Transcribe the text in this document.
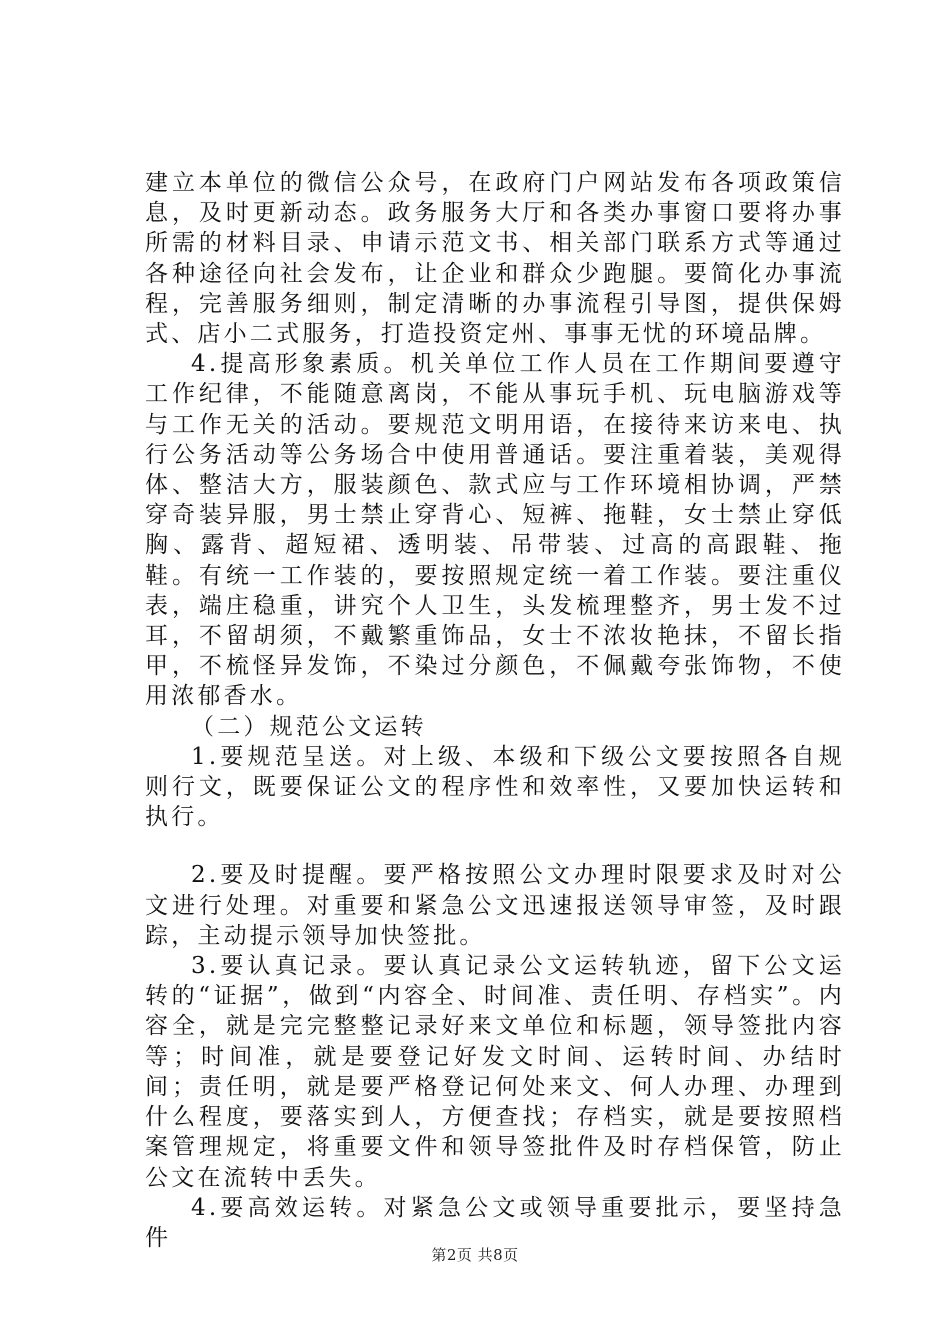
建立本单位的微信公众号，在政府门户网站发布各项政策信息，及时更新动态。政务服务大厅和各类办事窗口要将办事所需的材料目录、申请示范文书、相关部门联系方式等通过各种途径向社会发布，让企业和群众少跑腿。要简化办事流程，完善服务细则，制定清晰的办事流程引导图，提供保姆式、店小二式服务，打造投资定州、事事无忧的环境品牌。

4.提高形象素质。机关单位工作人员在工作期间要遵守工作纪律，不能随意离岗，不能从事玩手机、玩电脑游戏等与工作无关的活动。要规范文明用语，在接待来访来电、执行公务活动等公务场合中使用普通话。要注重着装，美观得体、整洁大方，服装颜色、款式应与工作环境相协调，严禁穿奇装异服，男士禁止穿背心、短裤、拖鞋，女士禁止穿低胸、露背、超短裙、透明装、吊带装、过高的高跟鞋、拖鞋。有统一工作装的，要按照规定统一着工作装。要注重仪表，端庄稳重，讲究个人卫生，头发梳理整齐，男士发不过耳，不留胡须，不戴繁重饰品，女士不浓妆艳抹，不留长指甲，不梳怪异发饰，不染过分颜色，不佩戴夸张饰物，不使用浓郁香水。

（二）规范公文运转

1.要规范呈送。对上级、本级和下级公文要按照各自规则行文，既要保证公文的程序性和效率性，又要加快运转和执行。

2.要及时提醒。要严格按照公文办理时限要求及时对公文进行处理。对重要和紧急公文迅速报送领导审签，及时跟踪，主动提示领导加快签批。

3.要认真记录。要认真记录公文运转轨迹，留下公文运转的“证据”，做到“内容全、时间准、责任明、存档实”。内容全，就是完完整整记录好来文单位和标题，领导签批内容等；时间准，就是要登记好发文时间、运转时间、办结时间；责任明，就是要严格登记何处来文、何人办理、办理到什么程度，要落实到人，方便查找；存档实，就是要按照档案管理规定，将重要文件和领导签批件及时存档保管，防止公文在流转中丢失。

4.要高效运转。对紧急公文或领导重要批示，要坚持急件

第2页 共8页
